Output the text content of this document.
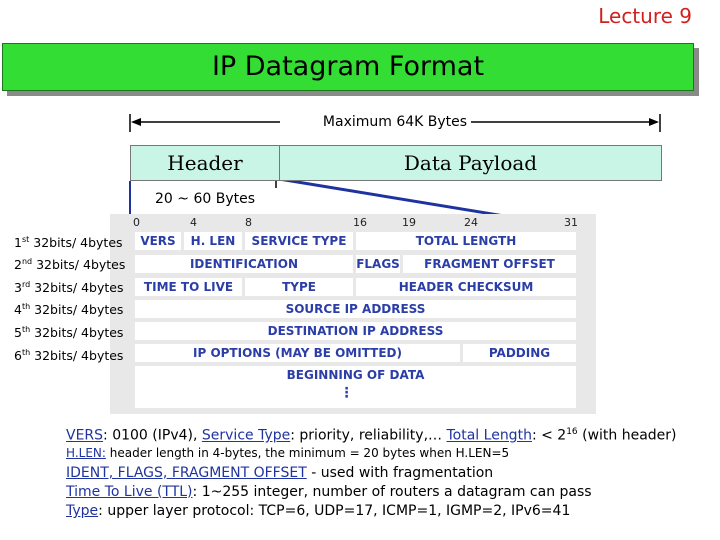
Lecture 9
IP Datagram Format
Maximum 64K Bytes
Header	Data Payload
20 ~ 60 Bytes
VERS	H. LEN	SERVICE TYPE	TOTAL LENGTH
IDENTIFICATION	FLAGS	FRAGMENT OFFSET
TIME TO LIVE	TYPE	HEADER CHECKSUM
SOURCE IP ADDRESS
DESTINATION IP ADDRESS
IP OPTIONS (MAY BE OMITTED)	PADDING
BEGINNING OF DATA
⋮
0	4	8	16	19	24	31
1st 32bits/ 4bytes
2nd 32bits/ 4bytes
3rd 32bits/ 4bytes
4th 32bits/ 4bytes
5th 32bits/ 4bytes
6th 32bits/ 4bytes
VERS: 0100 (IPv4), Service Type: priority, reliability,… Total Length: < $2^{16}$ (with header)
H.LEN: header length in 4-bytes, the minimum = 20 bytes when H.LEN=5
IDENT, FLAGS, FRAGMENT OFFSET - used with fragmentation
Time To Live (TTL): 1~255 integer, number of routers a datagram can pass
Type: upper layer protocol: TCP=6, UDP=17, ICMP=1, IGMP=2, IPv6=41
